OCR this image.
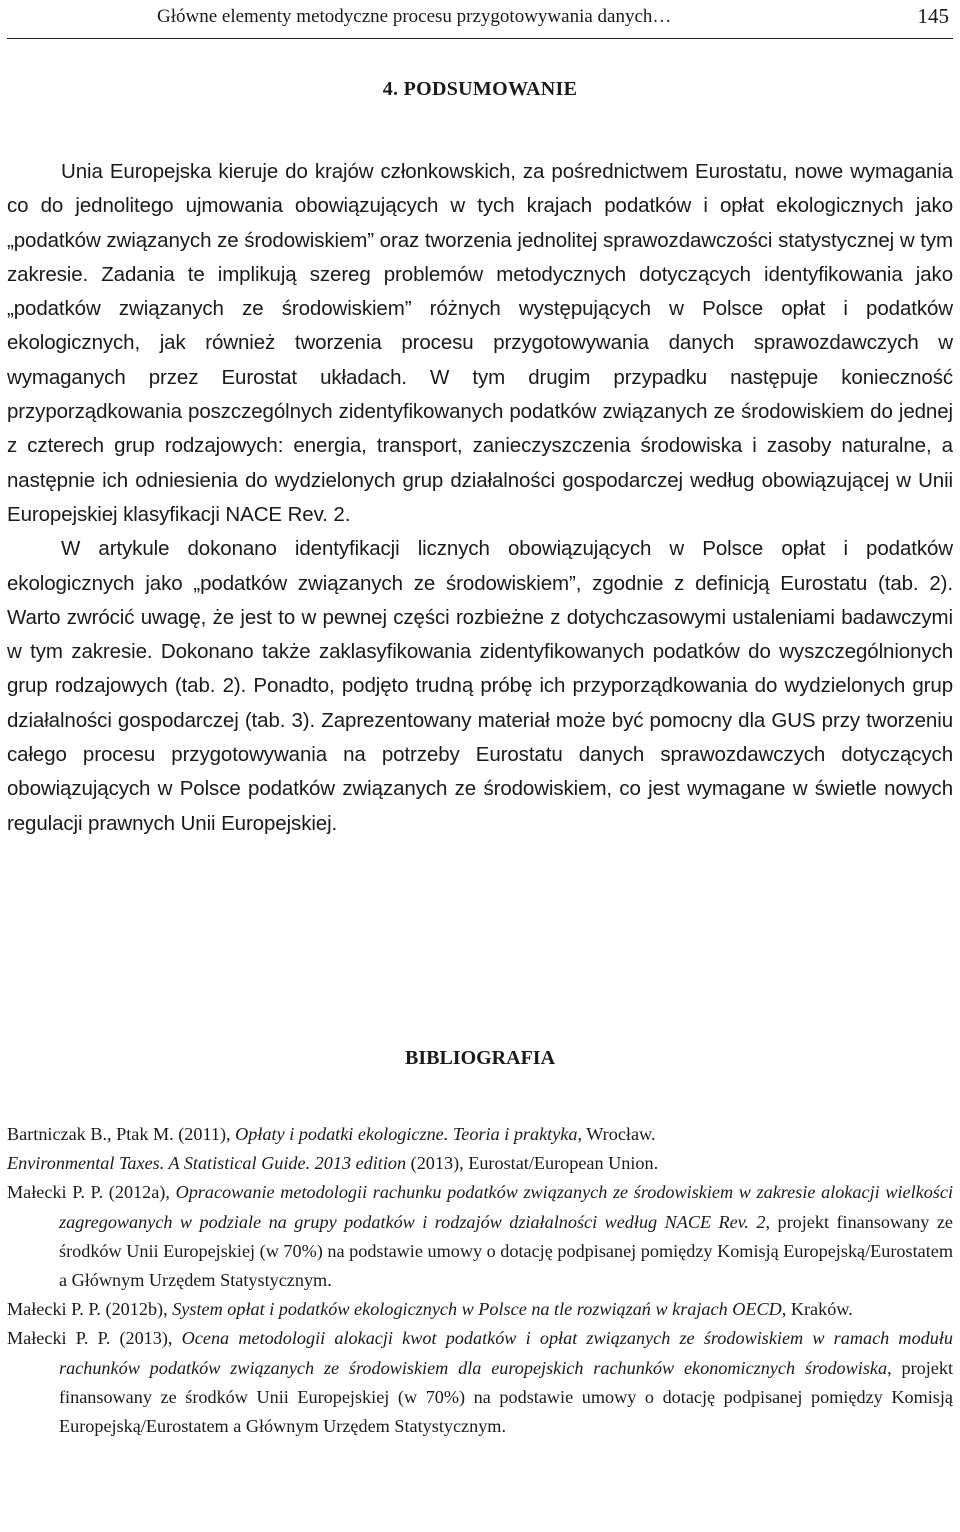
Główne elementy metodyczne procesu przygotowywania danych…	145
4. PODSUMOWANIE

Unia Europejska kieruje do krajów członkowskich, za pośrednictwem Eurostatu, nowe wymagania co do jednolitego ujmowania obowiązujących w tych krajach podatków i opłat ekologicznych jako „podatków związanych ze środowiskiem” oraz tworzenia jednolitej sprawozdawczości statystycznej w tym zakresie. Zadania te implikują szereg problemów metodycznych dotyczących identyfikowania jako „podatków związanych ze środowiskiem” różnych występujących w Polsce opłat i podatków ekologicznych, jak również tworzenia procesu przygotowywania danych sprawozdawczych w wymaganych przez Eurostat układach. W tym drugim przypadku następuje konieczność przyporządkowania poszczególnych zidentyfikowanych podatków związanych ze środowiskiem do jednej z czterech grup rodzajowych: energia, transport, zanieczyszczenia środowiska i zasoby naturalne, a następnie ich odniesienia do wydzielonych grup działalności gospodarczej według obowiązującej w Unii Europejskiej klasyfikacji NACE Rev. 2.

W artykule dokonano identyfikacji licznych obowiązujących w Polsce opłat i podatków ekologicznych jako „podatków związanych ze środowiskiem”, zgodnie z definicją Eurostatu (tab. 2). Warto zwrócić uwagę, że jest to w pewnej części rozbieżne z dotychczasowymi ustaleniami badawczymi w tym zakresie. Dokonano także zaklasyfikowania zidentyfikowanych podatków do wyszczególnionych grup rodzajowych (tab. 2). Ponadto, podjęto trudną próbę ich przyporządkowania do wydzielonych grup działalności gospodarczej (tab. 3). Zaprezentowany materiał może być pomocny dla GUS przy tworzeniu całego procesu przygotowywania na potrzeby Eurostatu danych sprawozdawczych dotyczących obowiązujących w Polsce podatków związanych ze środowiskiem, co jest wymagane w świetle nowych regulacji prawnych Unii Europejskiej.

BIBLIOGRAFIA

Bartniczak B., Ptak M. (2011), Opłaty i podatki ekologiczne. Teoria i praktyka, Wrocław.

Environmental Taxes. A Statistical Guide. 2013 edition (2013), Eurostat/European Union.

Małecki P. P. (2012a), Opracowanie metodologii rachunku podatków związanych ze środowiskiem w zakresie alokacji wielkości zagregowanych w podziale na grupy podatków i rodzajów działalności według NACE Rev. 2, projekt finansowany ze środków Unii Europejskiej (w 70%) na podstawie umowy o dotację podpisanej pomiędzy Komisją Europejską/Eurostatem a Głównym Urzędem Statystycznym.

Małecki P. P. (2012b), System opłat i podatków ekologicznych w Polsce na tle rozwiązań w krajach OECD, Kraków.

Małecki P. P. (2013), Ocena metodologii alokacji kwot podatków i opłat związanych ze środowiskiem w ramach modułu rachunków podatków związanych ze środowiskiem dla europejskich rachunków ekonomicznych środowiska, projekt finansowany ze środków Unii Europejskiej (w 70%) na podstawie umowy o dotację podpisanej pomiędzy Komisją Europejską/Eurostatem a Głównym Urzędem Statystycznym.
